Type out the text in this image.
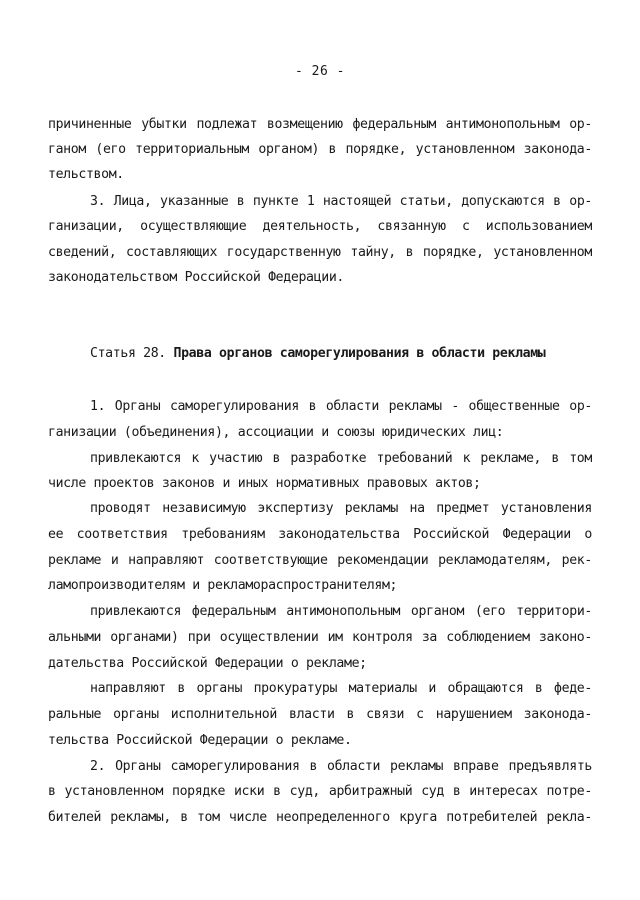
- 26 -
причиненные убытки подлежат возмещению федеральным антимонопольным ор-
ганом (его территориальным органом) в порядке, установленном законода-
тельством.
3. Лица, указанные в пункте 1 настоящей статьи, допускаются в ор-
ганизации, осуществляющие деятельность, связанную с использованием
сведений, составляющих государственную тайну, в порядке, установленном
законодательством Российской Федерации.
Статья 28. Права органов саморегулирования в области рекламы
1. Органы саморегулирования в области рекламы - общественные ор-
ганизации (объединения), ассоциации и союзы юридических лиц:
привлекаются к участию в разработке требований к рекламе, в том
числе проектов законов и иных нормативных правовых актов;
проводят независимую экспертизу рекламы на предмет установления
ее соответствия требованиям законодательства Российской Федерации о
рекламе и направляют соответствующие рекомендации рекламодателям, рек-
ламопроизводителям и рекламораспространителям;
привлекаются федеральным антимонопольным органом (его территори-
альными органами) при осуществлении им контроля за соблюдением законо-
дательства Российской Федерации о рекламе;
направляют в органы прокуратуры материалы и обращаются в феде-
ральные органы исполнительной власти в связи с нарушением законода-
тельства Российской Федерации о рекламе.
2. Органы саморегулирования в области рекламы вправе предъявлять
в установленном порядке иски в суд, арбитражный суд в интересах потре-
бителей рекламы, в том числе неопределенного круга потребителей рекла-
